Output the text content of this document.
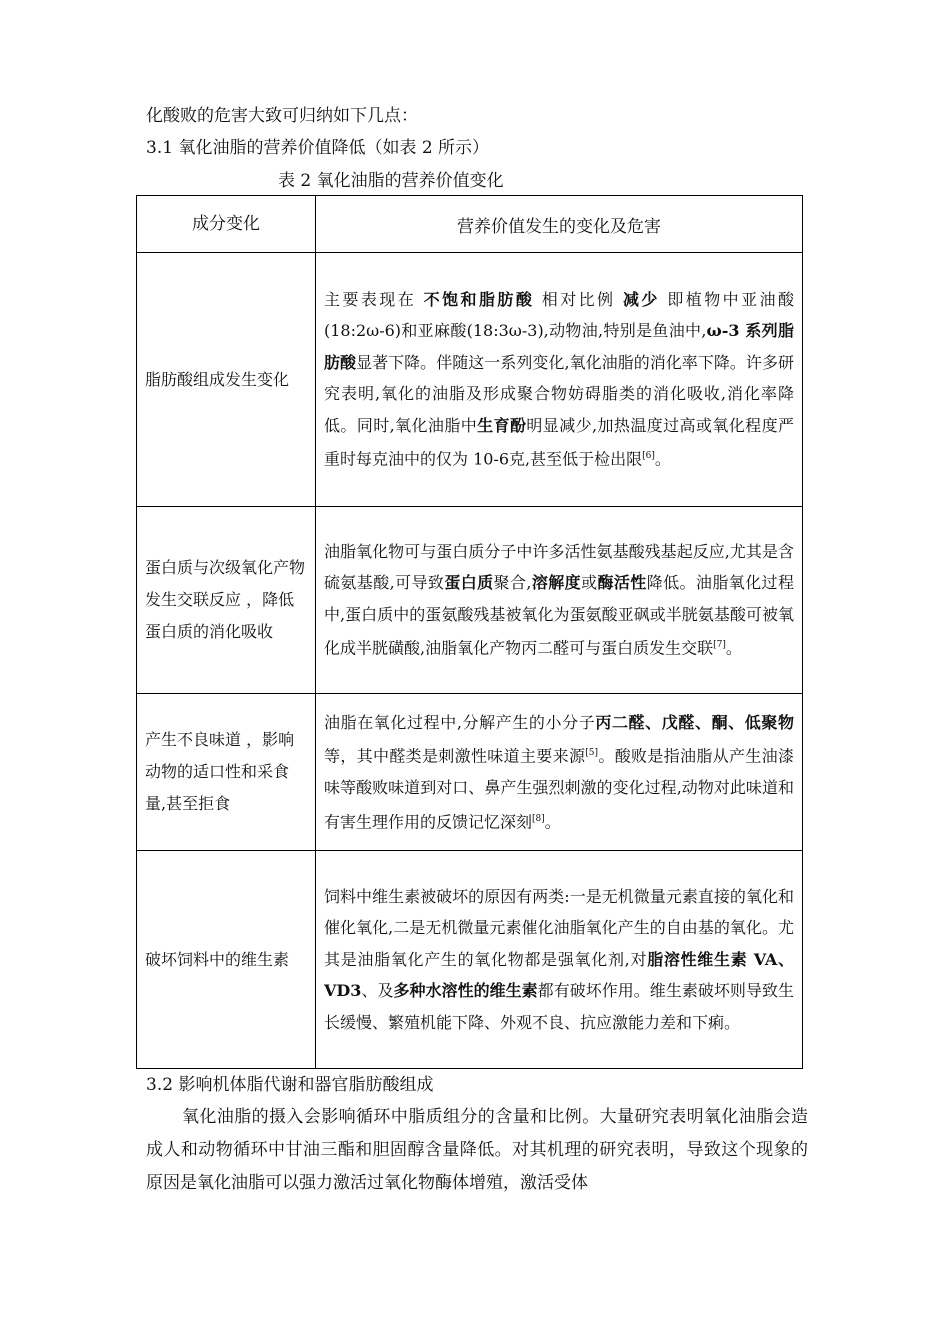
化酸败的危害大致可归纳如下几点：
3.1 氧化油脂的营养价值降低（如表 2 所示）
表 2 氧化油脂的营养价值变化
成分变化	营养价值发生的变化及危害
脂肪酸组成发生变化	主要表现在 不饱和脂肪酸 相对比例 减少 即植物中亚油酸(18:2ω-6)和亚麻酸(18:3ω-3),动物油,特别是鱼油中,ω-3 系列脂肪酸显著下降。伴随这一系列变化,氧化油脂的消化率下降。许多研究表明,氧化的油脂及形成聚合物妨碍脂类的消化吸收,消化率降低。同时,氧化油脂中生育酚明显减少,加热温度过高或氧化程度严重时每克油中的仅为 10-6克,甚至低于检出限[6]。
蛋白质与次级氧化产物发生交联反应 ，降低蛋白质的消化吸收	油脂氧化物可与蛋白质分子中许多活性氨基酸残基起反应,尤其是含硫氨基酸,可导致蛋白质聚合,溶解度或酶活性降低。油脂氧化过程中,蛋白质中的蛋氨酸残基被氧化为蛋氨酸亚砜或半胱氨基酸可被氧化成半胱磺酸,油脂氧化产物丙二醛可与蛋白质发生交联[7]。
产生不良味道 ，影响动物的适口性和采食量,甚至拒食	油脂在氧化过程中,分解产生的小分子丙二醛、戊醛、酮、低聚物等，其中醛类是刺激性味道主要来源[5]。酸败是指油脂从产生油漆味等酸败味道到对口、鼻产生强烈刺激的变化过程,动物对此味道和有害生理作用的反馈记忆深刻[8]。
破坏饲料中的维生素	饲料中维生素被破坏的原因有两类:一是无机微量元素直接的氧化和催化氧化,二是无机微量元素催化油脂氧化产生的自由基的氧化。尤其是油脂氧化产生的氧化物都是强氧化剂,对脂溶性维生素 VA、VD3、及多种水溶性的维生素都有破坏作用。维生素破坏则导致生长缓慢、繁殖机能下降、外观不良、抗应激能力差和下痢。
3.2 影响机体脂代谢和器官脂肪酸组成
氧化油脂的摄入会影响循环中脂质组分的含量和比例。大量研究表明氧化油脂会造成人和动物循环中甘油三酯和胆固醇含量降低。对其机理的研究表明，导致这个现象的原因是氧化油脂可以强力激活过氧化物酶体增殖，激活受体
